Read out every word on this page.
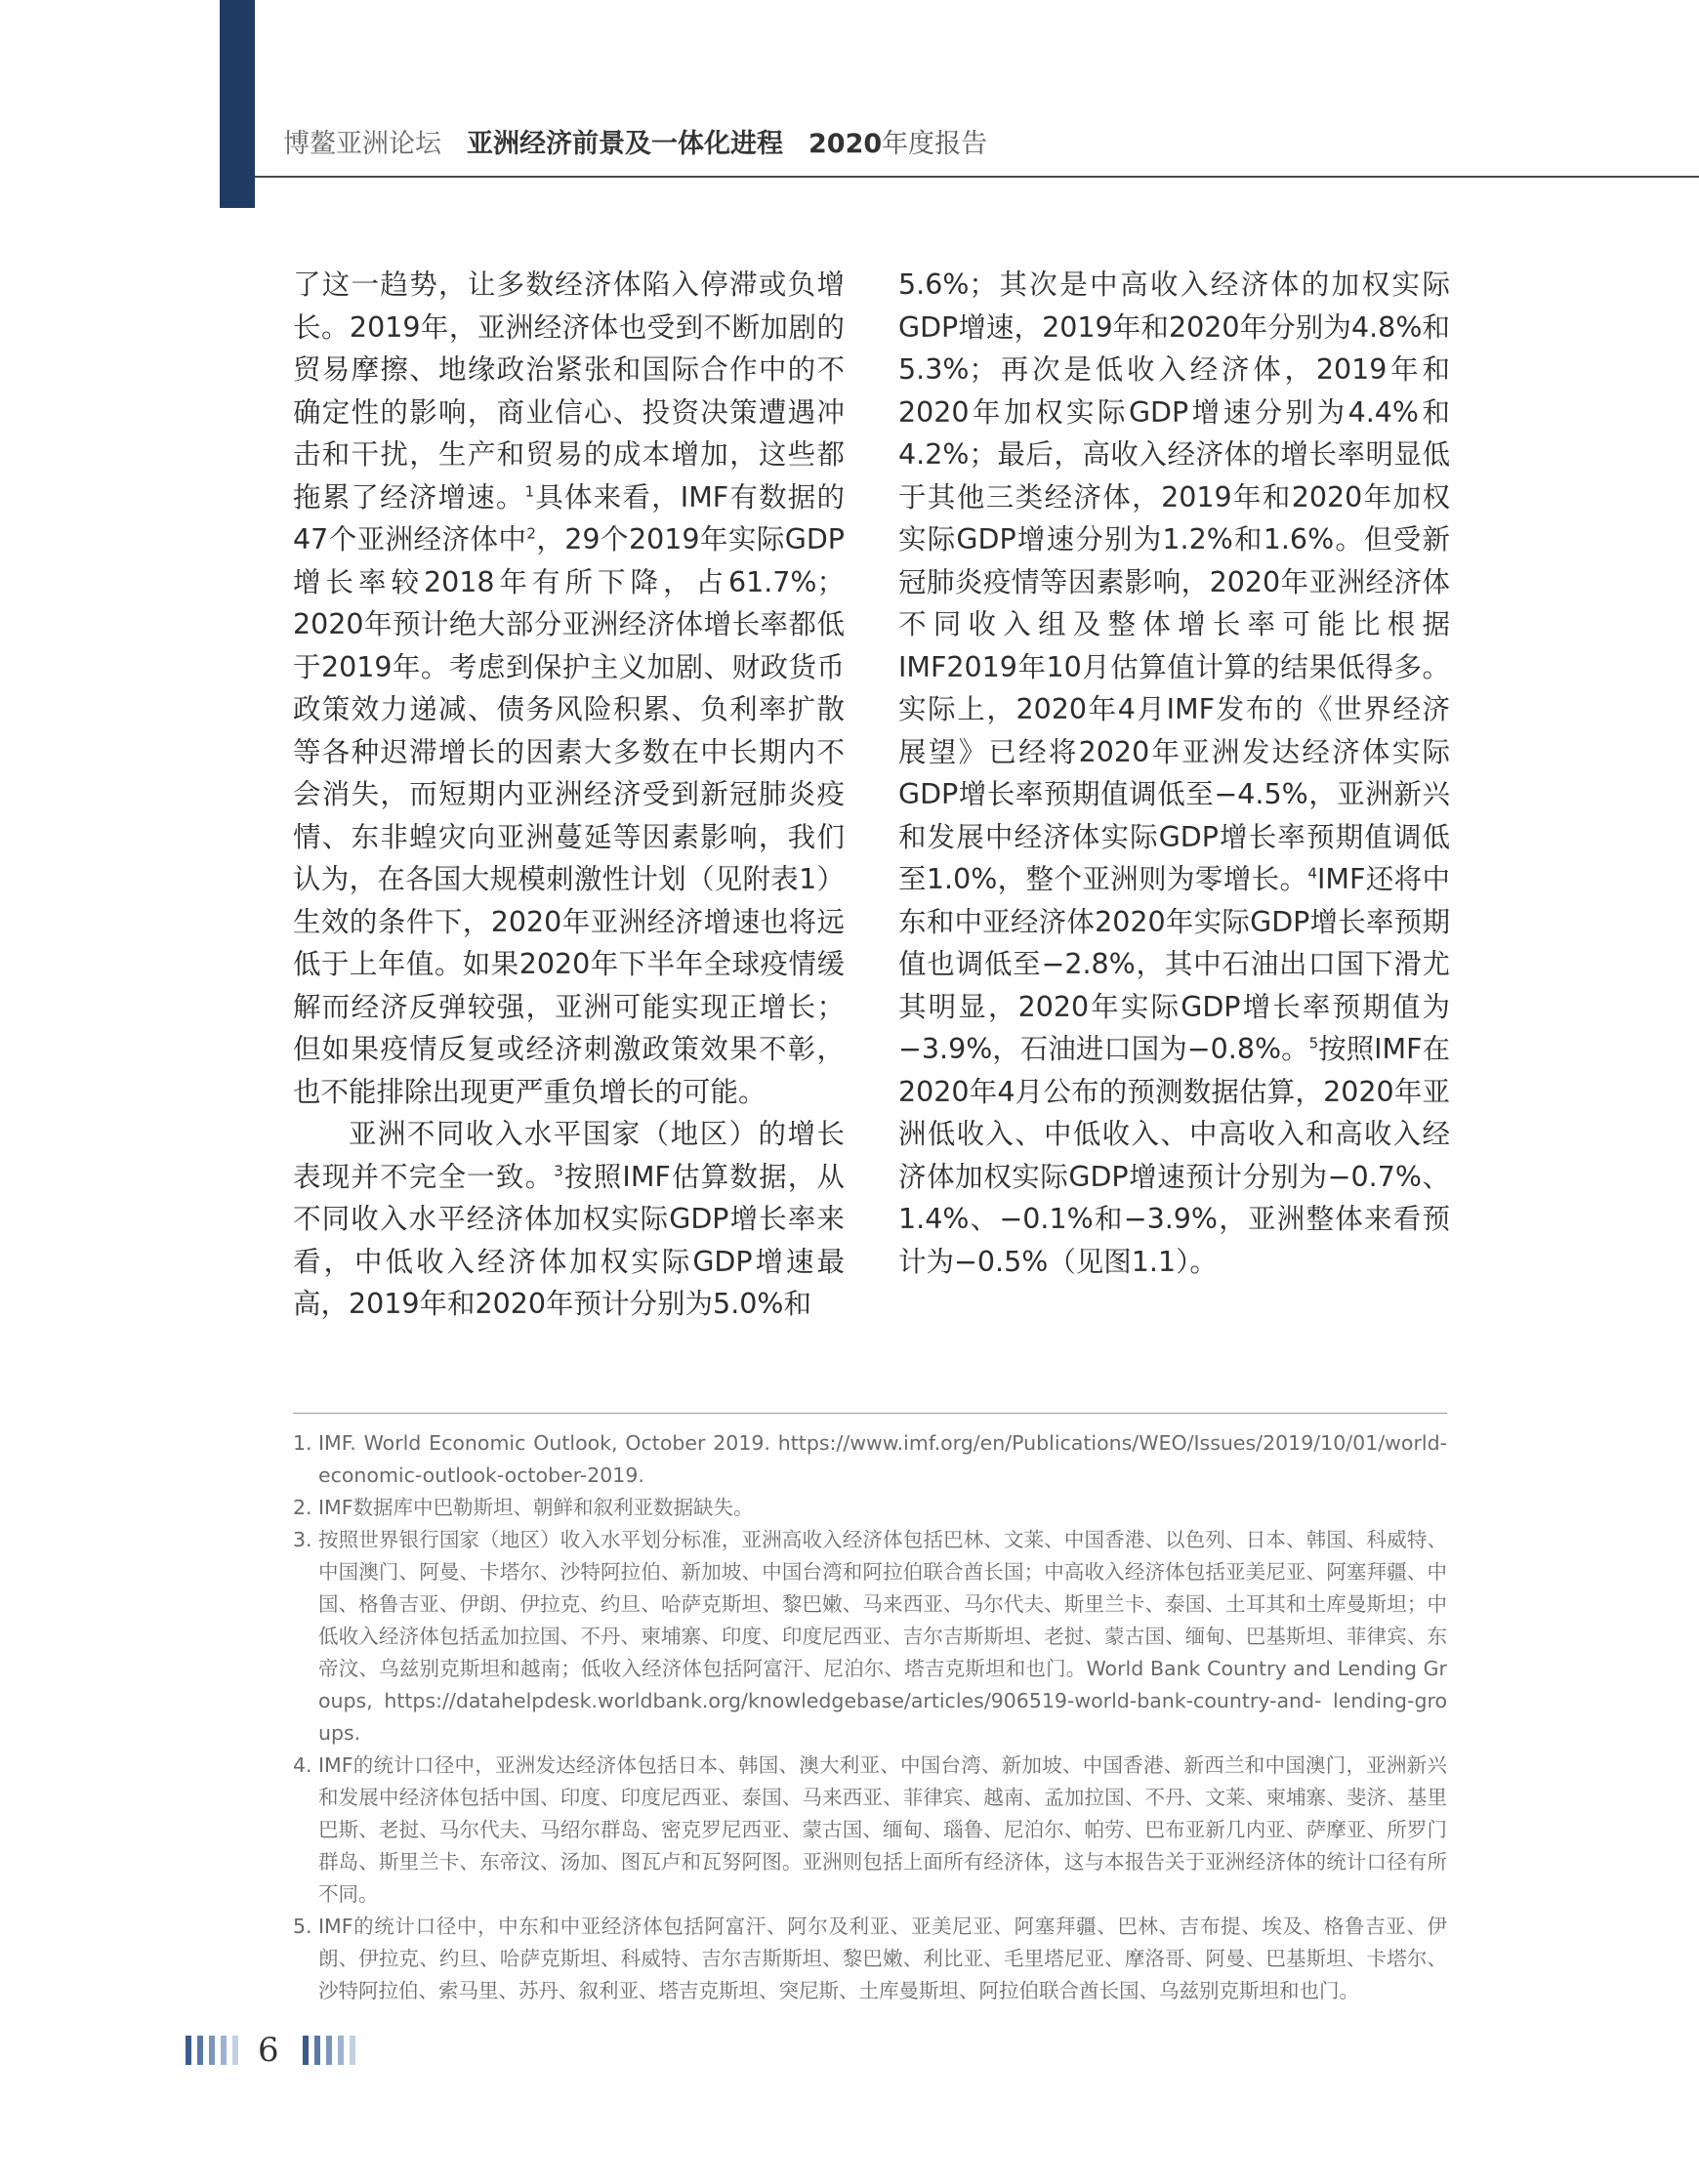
博鳌亚洲论坛 亚洲经济前景及一体化进程 2020年度报告

了这一趋势，让多数经济体陷入停滞或负增长。2019年，亚洲经济体也受到不断加剧的贸易摩擦、地缘政治紧张和国际合作中的不确定性的影响，商业信心、投资决策遭遇冲击和干扰，生产和贸易的成本增加，这些都拖累了经济增速。$^1$具体来看，IMF有数据的47个亚洲经济体中$^2$，29个2019年实际GDP增长率较2018年有所下降，占61.7%；2020年预计绝大部分亚洲经济体增长率都低于2019年。考虑到保护主义加剧、财政货币政策效力递减、债务风险积累、负利率扩散等各种迟滞增长的因素大多数在中长期内不会消失，而短期内亚洲经济受到新冠肺炎疫情、东非蝗灾向亚洲蔓延等因素影响，我们认为，在各国大规模刺激性计划（见附表1）生效的条件下，2020年亚洲经济增速也将远低于上年值。如果2020年下半年全球疫情缓解而经济反弹较强，亚洲可能实现正增长；但如果疫情反复或经济刺激政策效果不彰，也不能排除出现更严重负增长的可能。

亚洲不同收入水平国家（地区）的增长表现并不完全一致。$^3$按照IMF估算数据，从不同收入水平经济体加权实际GDP增长率来看，中低收入经济体加权实际GDP增速最高，2019年和2020年预计分别为5.0%和

5.6%；其次是中高收入经济体的加权实际GDP增速，2019年和2020年分别为4.8%和5.3%；再次是低收入经济体，2019年和2020年加权实际GDP增速分别为4.4%和4.2%；最后，高收入经济体的增长率明显低于其他三类经济体，2019年和2020年加权实际GDP增速分别为1.2%和1.6%。但受新冠肺炎疫情等因素影响，2020年亚洲经济体不同收入组及整体增长率可能比根据IMF2019年10月估算值计算的结果低得多。实际上，2020年4月IMF发布的《世界经济展望》已经将2020年亚洲发达经济体实际GDP增长率预期值调低至−4.5%，亚洲新兴和发展中经济体实际GDP增长率预期值调低至1.0%，整个亚洲则为零增长。$^4$IMF还将中东和中亚经济体2020年实际GDP增长率预期值也调低至−2.8%，其中石油出口国下滑尤其明显，2020年实际GDP增长率预期值为−3.9%，石油进口国为−0.8%。$^5$按照IMF在2020年4月公布的预测数据估算，2020年亚洲低收入、中低收入、中高收入和高收入经济体加权实际GDP增速预计分别为−0.7%、1.4%、−0.1%和−3.9%，亚洲整体来看预计为−0.5%（见图1.1）。

1. IMF. World Economic Outlook, October 2019. https://www.imf.org/en/Publications/WEO/Issues/2019/10/01/world-economic-outlook-october-2019.
2. IMF数据库中巴勒斯坦、朝鲜和叙利亚数据缺失。
3. 按照世界银行国家（地区）收入水平划分标准，亚洲高收入经济体包括巴林、文莱、中国香港、以色列、日本、韩国、科威特、中国澳门、阿曼、卡塔尔、沙特阿拉伯、新加坡、中国台湾和阿拉伯联合酋长国；中高收入经济体包括亚美尼亚、阿塞拜疆、中国、格鲁吉亚、伊朗、伊拉克、约旦、哈萨克斯坦、黎巴嫩、马来西亚、马尔代夫、斯里兰卡、泰国、土耳其和土库曼斯坦；中低收入经济体包括孟加拉国、不丹、柬埔寨、印度、印度尼西亚、吉尔吉斯斯坦、老挝、蒙古国、缅甸、巴基斯坦、菲律宾、东帝汶、乌兹别克斯坦和越南；低收入经济体包括阿富汗、尼泊尔、塔吉克斯坦和也门。World Bank Country and Lending Groups, https://datahelpdesk.worldbank.org/knowledgebase/articles/906519-world-bank-country-and- lending-groups.
4. IMF的统计口径中，亚洲发达经济体包括日本、韩国、澳大利亚、中国台湾、新加坡、中国香港、新西兰和中国澳门，亚洲新兴和发展中经济体包括中国、印度、印度尼西亚、泰国、马来西亚、菲律宾、越南、孟加拉国、不丹、文莱、柬埔寨、斐济、基里巴斯、老挝、马尔代夫、马绍尔群岛、密克罗尼西亚、蒙古国、缅甸、瑙鲁、尼泊尔、帕劳、巴布亚新几内亚、萨摩亚、所罗门群岛、斯里兰卡、东帝汶、汤加、图瓦卢和瓦努阿图。亚洲则包括上面所有经济体，这与本报告关于亚洲经济体的统计口径有所不同。
5. IMF的统计口径中，中东和中亚经济体包括阿富汗、阿尔及利亚、亚美尼亚、阿塞拜疆、巴林、吉布提、埃及、格鲁吉亚、伊朗、伊拉克、约旦、哈萨克斯坦、科威特、吉尔吉斯斯坦、黎巴嫩、利比亚、毛里塔尼亚、摩洛哥、阿曼、巴基斯坦、卡塔尔、沙特阿拉伯、索马里、苏丹、叙利亚、塔吉克斯坦、突尼斯、土库曼斯坦、阿拉伯联合酋长国、乌兹别克斯坦和也门。
6
